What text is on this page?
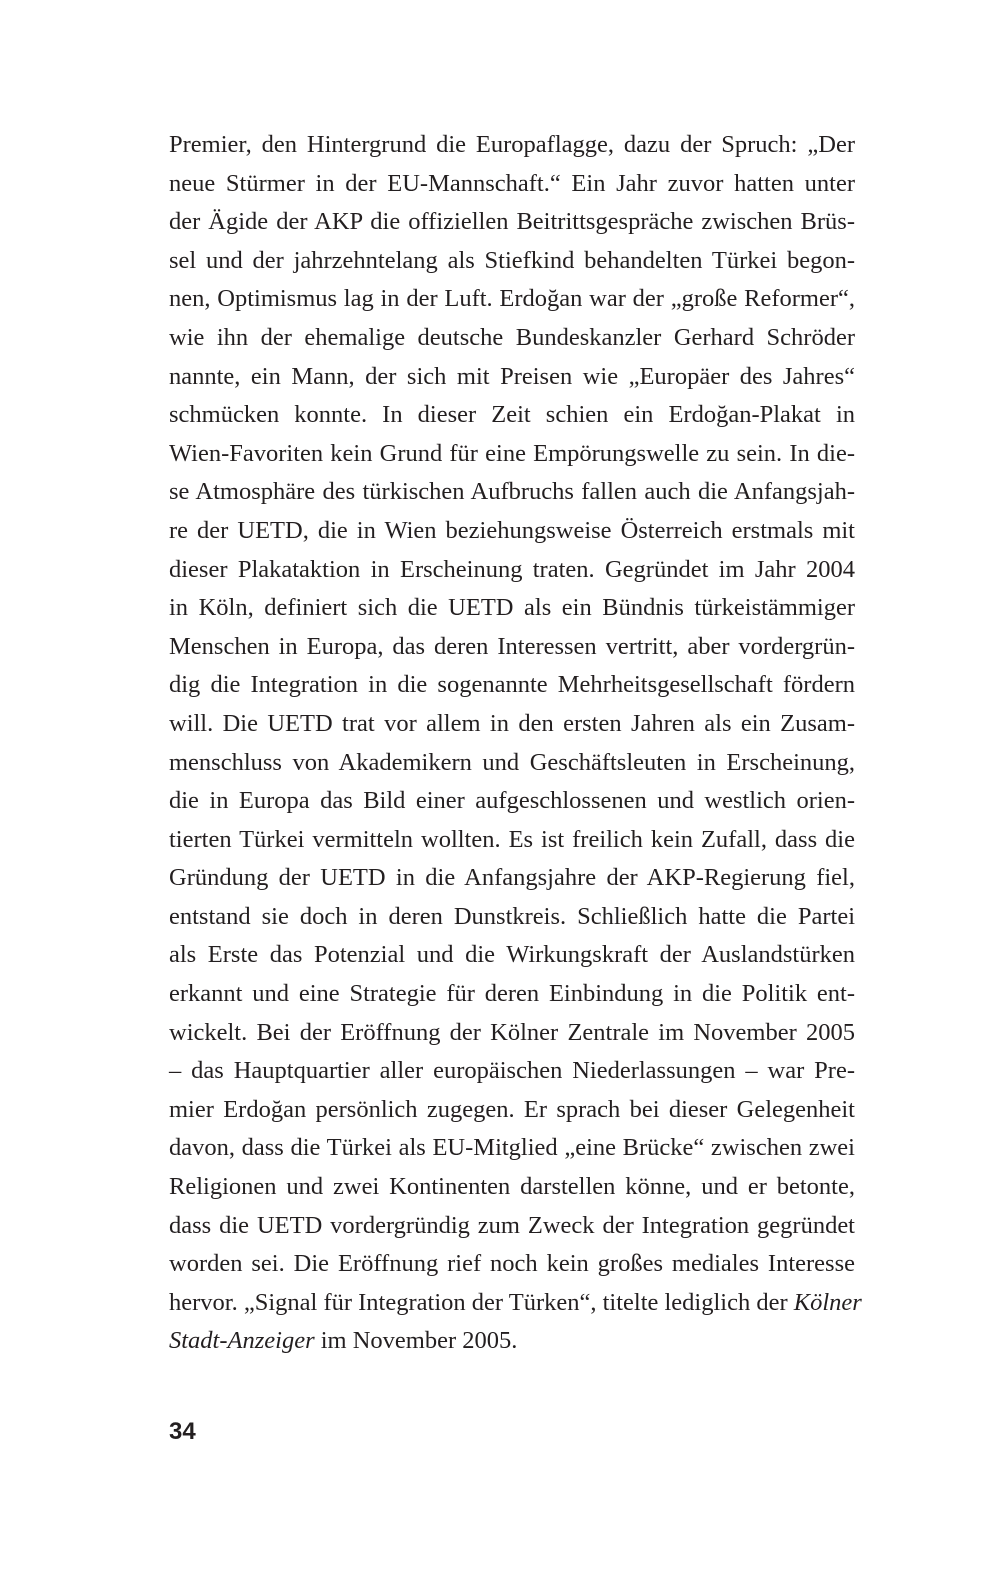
Premier, den Hintergrund die Europaflagge, dazu der Spruch: „Der
neue Stürmer in der EU-Mannschaft.“ Ein Jahr zuvor hatten unter
der Ägide der AKP die offiziellen Beitrittsgespräche zwischen Brüs-
sel und der jahrzehntelang als Stiefkind behandelten Türkei begon-
nen, Optimismus lag in der Luft. Erdoğan war der „große Reformer“,
wie ihn der ehemalige deutsche Bundeskanzler Gerhard Schröder
nannte, ein Mann, der sich mit Preisen wie „Europäer des Jahres“
schmücken konnte. In dieser Zeit schien ein Erdoğan-Plakat in
Wien-Favoriten kein Grund für eine Empörungswelle zu sein. In die-
se Atmosphäre des türkischen Aufbruchs fallen auch die Anfangsjah-
re der UETD, die in Wien beziehungsweise Österreich erstmals mit
dieser Plakataktion in Erscheinung traten. Gegründet im Jahr 2004
in Köln, definiert sich die UETD als ein Bündnis türkeistämmiger
Menschen in Europa, das deren Interessen vertritt, aber vordergrün-
dig die Integration in die sogenannte Mehrheitsgesellschaft fördern
will. Die UETD trat vor allem in den ersten Jahren als ein Zusam-
menschluss von Akademikern und Geschäftsleuten in Erscheinung,
die in Europa das Bild einer aufgeschlossenen und westlich orien-
tierten Türkei vermitteln wollten. Es ist freilich kein Zufall, dass die
Gründung der UETD in die Anfangsjahre der AKP-Regierung fiel,
entstand sie doch in deren Dunstkreis. Schließlich hatte die Partei
als Erste das Potenzial und die Wirkungskraft der Auslandstürken
erkannt und eine Strategie für deren Einbindung in die Politik ent-
wickelt. Bei der Eröffnung der Kölner Zentrale im November 2005
– das Hauptquartier aller europäischen Niederlassungen – war Pre-
mier Erdoğan persönlich zugegen. Er sprach bei dieser Gelegenheit
davon, dass die Türkei als EU-Mitglied „eine Brücke“ zwischen zwei
Religionen und zwei Kontinenten darstellen könne, und er betonte,
dass die UETD vordergründig zum Zweck der Integration gegründet
worden sei. Die Eröffnung rief noch kein großes mediales Interesse
hervor. „Signal für Integration der Türken“, titelte lediglich der Kölner
Stadt-Anzeiger im November 2005.
34
